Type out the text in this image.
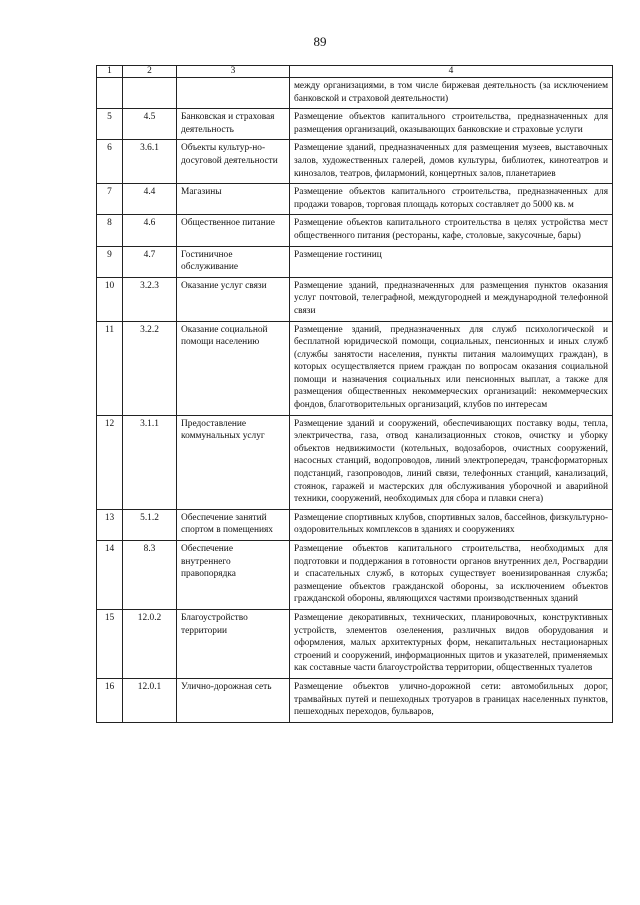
89
1	2	3	4
			между организациями, в том числе биржевая деятельность (за исключением банковской и страховой деятельности)
5	4.5	Банковская и страховая деятельность	Размещение объектов капитального строительства, предназначенных для размещения организаций, оказывающих банковские и страховые услуги
6	3.6.1	Объекты культур-но-досуговой деятельности	Размещение зданий, предназначенных для размещения музеев, выставочных залов, художественных галерей, домов культуры, библиотек, кинотеатров и кинозалов, театров, филармоний, концертных залов, планетариев
7	4.4	Магазины	Размещение объектов капитального строительства, предназначенных для продажи товаров, торговая площадь которых составляет до 5000 кв. м
8	4.6	Общественное питание	Размещение объектов капитального строительства в целях устройства мест общественного питания (рестораны, кафе, столовые, закусочные, бары)
9	4.7	Гостиничное обслуживание	Размещение гостиниц
10	3.2.3	Оказание услуг связи	Размещение зданий, предназначенных для размещения пунктов оказания услуг почтовой, телеграфной, междугородней и международной телефонной связи
11	3.2.2	Оказание социальной помощи населению	Размещение зданий, предназначенных для служб психологической и бесплатной юридической помощи, социальных, пенсионных и иных служб (службы занятости населения, пункты питания малоимущих граждан), в которых осуществляется прием граждан по вопросам оказания социальной помощи и назначения социальных или пенсионных выплат, а также для размещения общественных некоммерческих организаций: некоммерческих фондов, благотворительных организаций, клубов по интересам
12	3.1.1	Предоставление коммунальных услуг	Размещение зданий и сооружений, обеспечивающих поставку воды, тепла, электричества, газа, отвод канализационных стоков, очистку и уборку объектов недвижимости (котельных, водозаборов, очистных сооружений, насосных станций, водопроводов, линий электропередач, трансформаторных подстанций, газопроводов, линий связи, телефонных станций, канализаций, стоянок, гаражей и мастерских для обслуживания уборочной и аварийной техники, сооружений, необходимых для сбора и плавки снега)
13	5.1.2	Обеспечение занятий спортом в помещениях	Размещение спортивных клубов, спортивных залов, бассейнов, физкультурно-оздоровительных комплексов в зданиях и сооружениях
14	8.3	Обеспечение внутреннего правопорядка	Размещение объектов капитального строительства, необходимых для подготовки и поддержания в готовности органов внутренних дел, Росгвардии и спасательных служб, в которых существует военизированная служба; размещение объектов гражданской обороны, за исключением объектов гражданской обороны, являющихся частями производственных зданий
15	12.0.2	Благоустройство территории	Размещение декоративных, технических, планировочных, конструктивных устройств, элементов озеленения, различных видов оборудования и оформления, малых архитектурных форм, некапитальных нестационарных строений и сооружений, информационных щитов и указателей, применяемых как составные части благоустройства территории, общественных туалетов
16	12.0.1	Улично-дорожная сеть	Размещение объектов улично-дорожной сети: автомобильных дорог, трамвайных путей и пешеходных тротуаров в границах населенных пунктов, пешеходных переходов, бульваров,
